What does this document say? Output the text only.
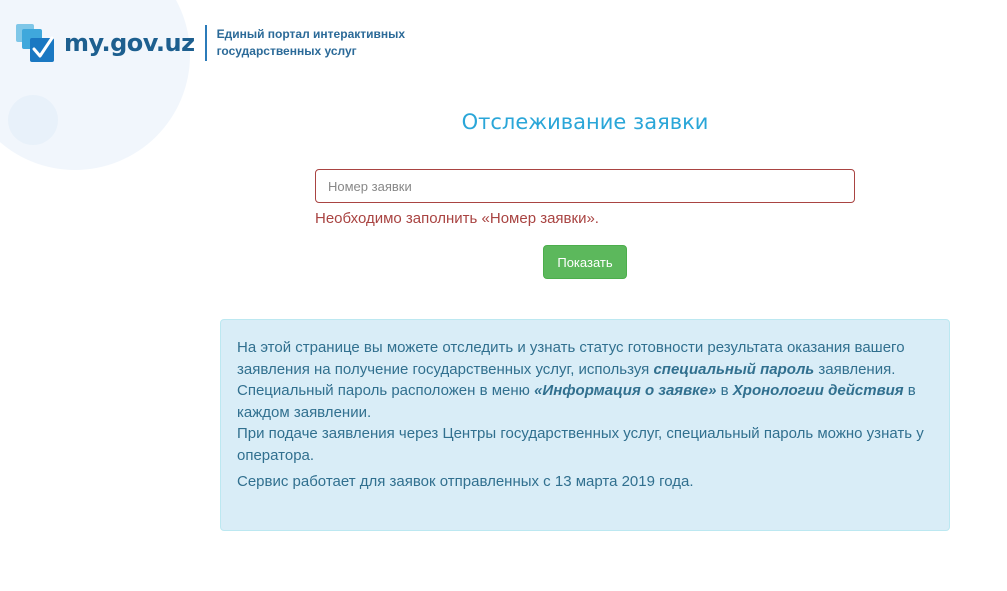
my.gov.uz Единый портал интерактивных
государственных услуг
Отслеживание заявки
Номер заявки
Необходимо заполнить «Номер заявки».
Показать

На этой странице вы можете отследить и узнать статус готовности результата оказания вашего заявления на получение государственных услуг, используя специальный пароль заявления.

Специальный пароль расположен в меню «Информация о заявке» в Хронологии действия в каждом заявлении.

При подаче заявления через Центры государственных услуг, специальный пароль можно узнать у оператора.

Сервис работает для заявок отправленных с 13 марта 2019 года.
